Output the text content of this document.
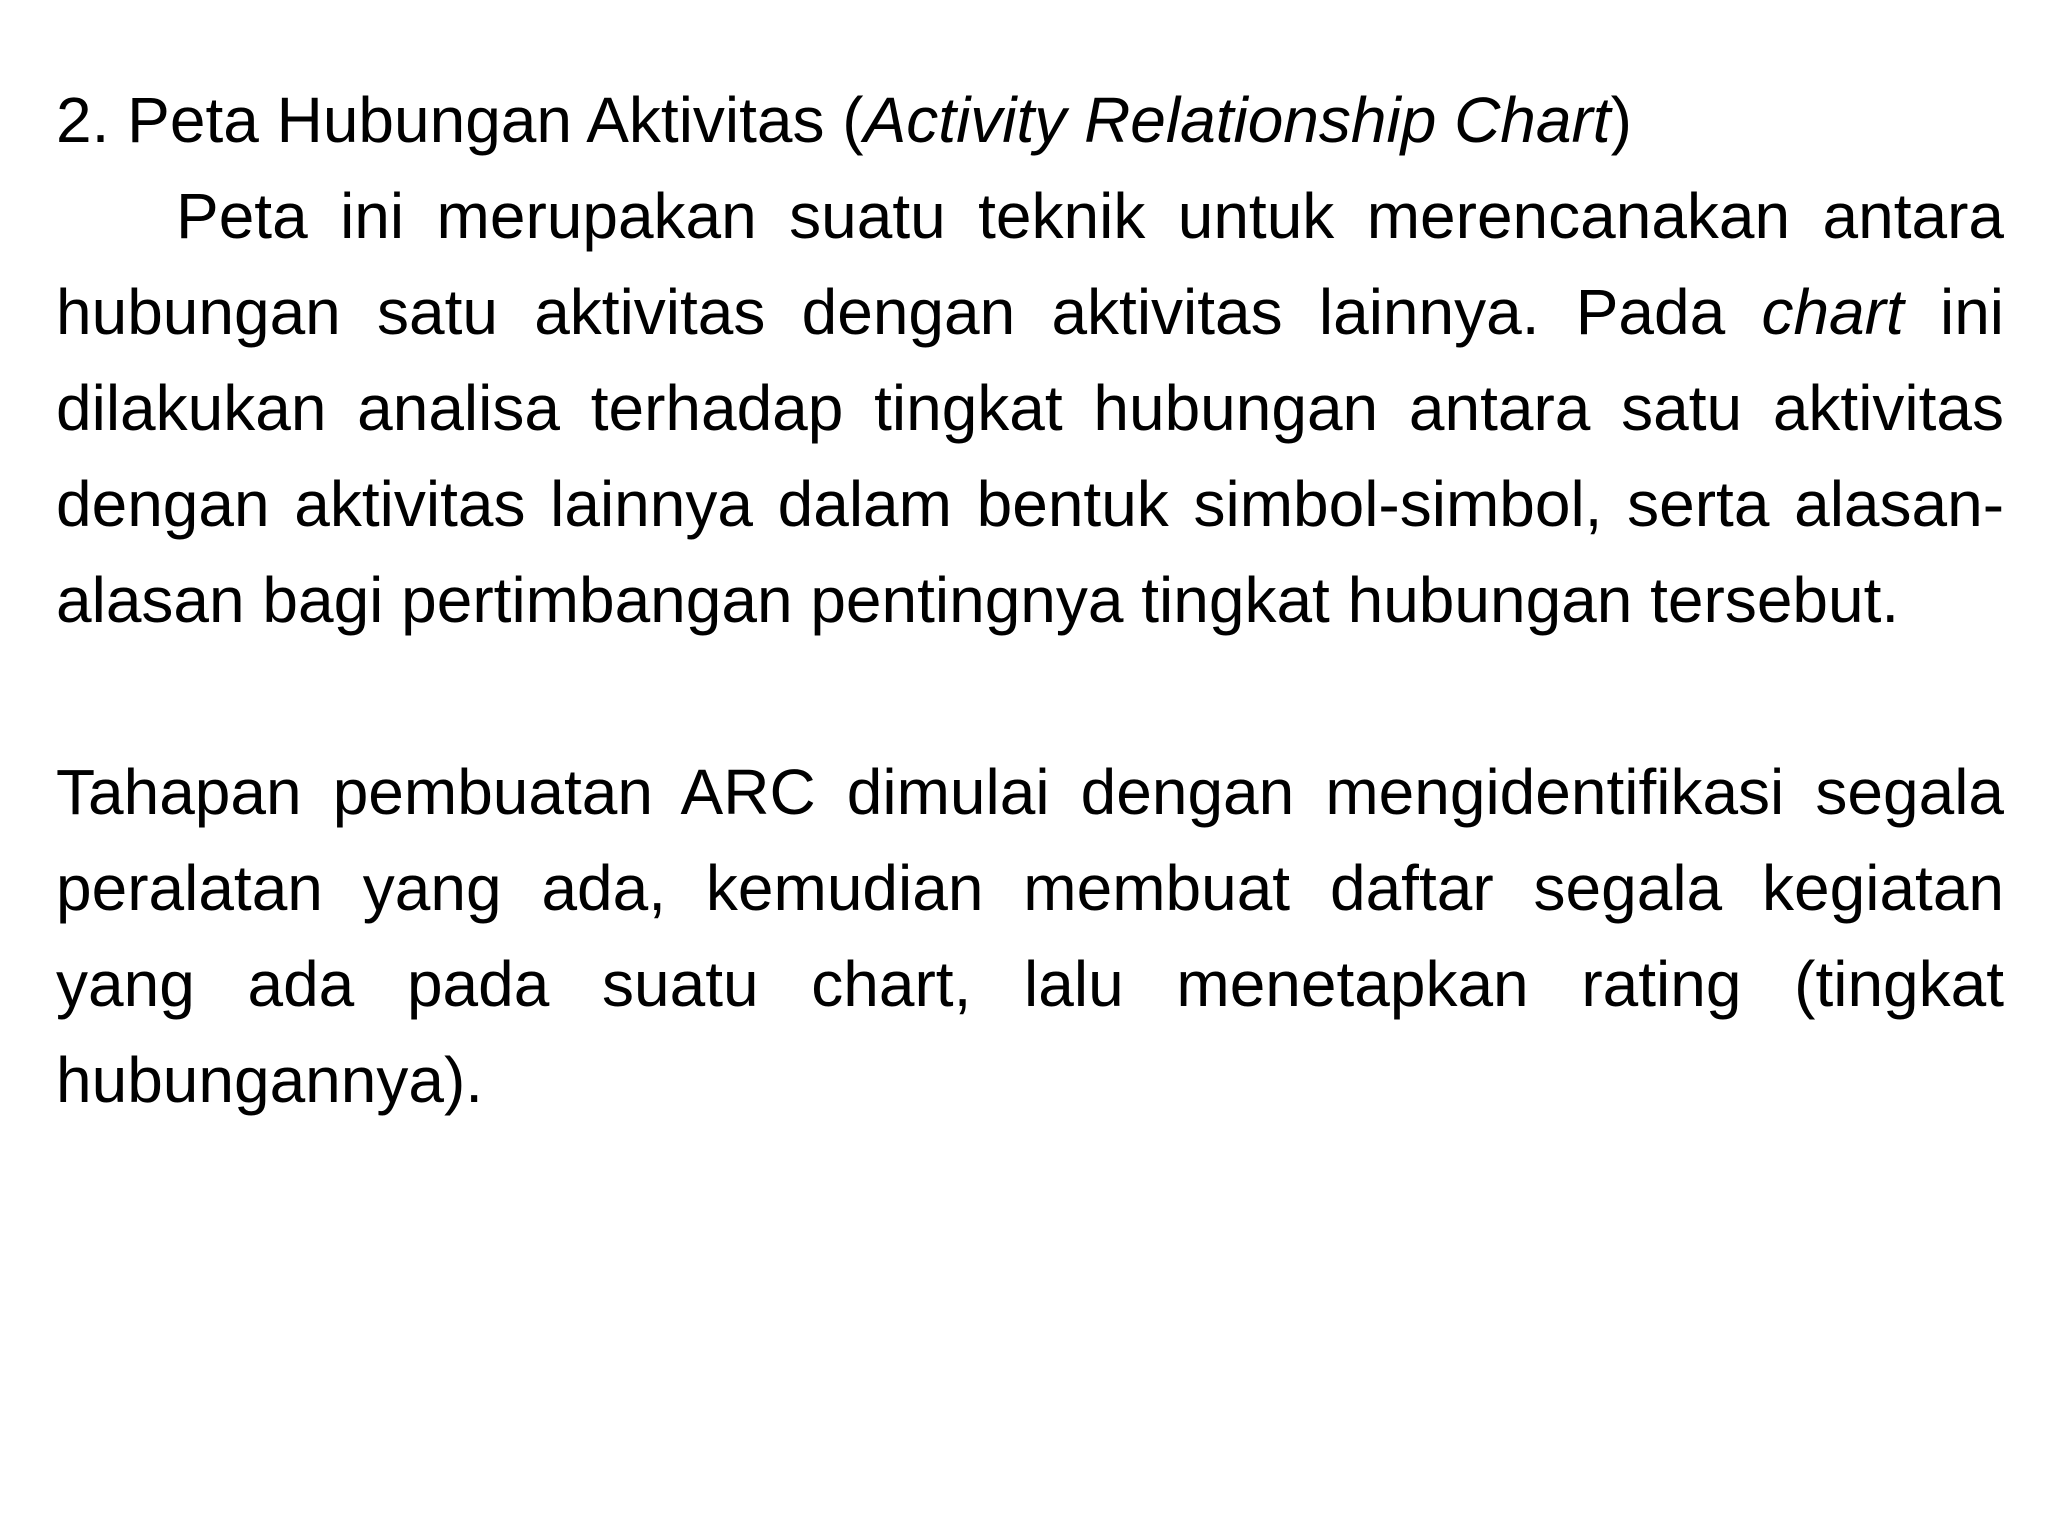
2. Peta Hubungan Aktivitas (Activity Relationship Chart)

Peta ini merupakan suatu teknik untuk merencanakan antara hubungan satu aktivitas dengan aktivitas lainnya. Pada chart ini dilakukan analisa terhadap tingkat hubungan antara satu aktivitas dengan aktivitas lainnya dalam bentuk simbol-simbol, serta alasan-alasan bagi pertimbangan pentingnya tingkat hubungan tersebut.

Tahapan pembuatan ARC dimulai dengan mengidentifikasi segala peralatan yang ada, kemudian membuat daftar segala kegiatan yang ada pada suatu chart, lalu menetapkan rating (tingkat hubungannya).
